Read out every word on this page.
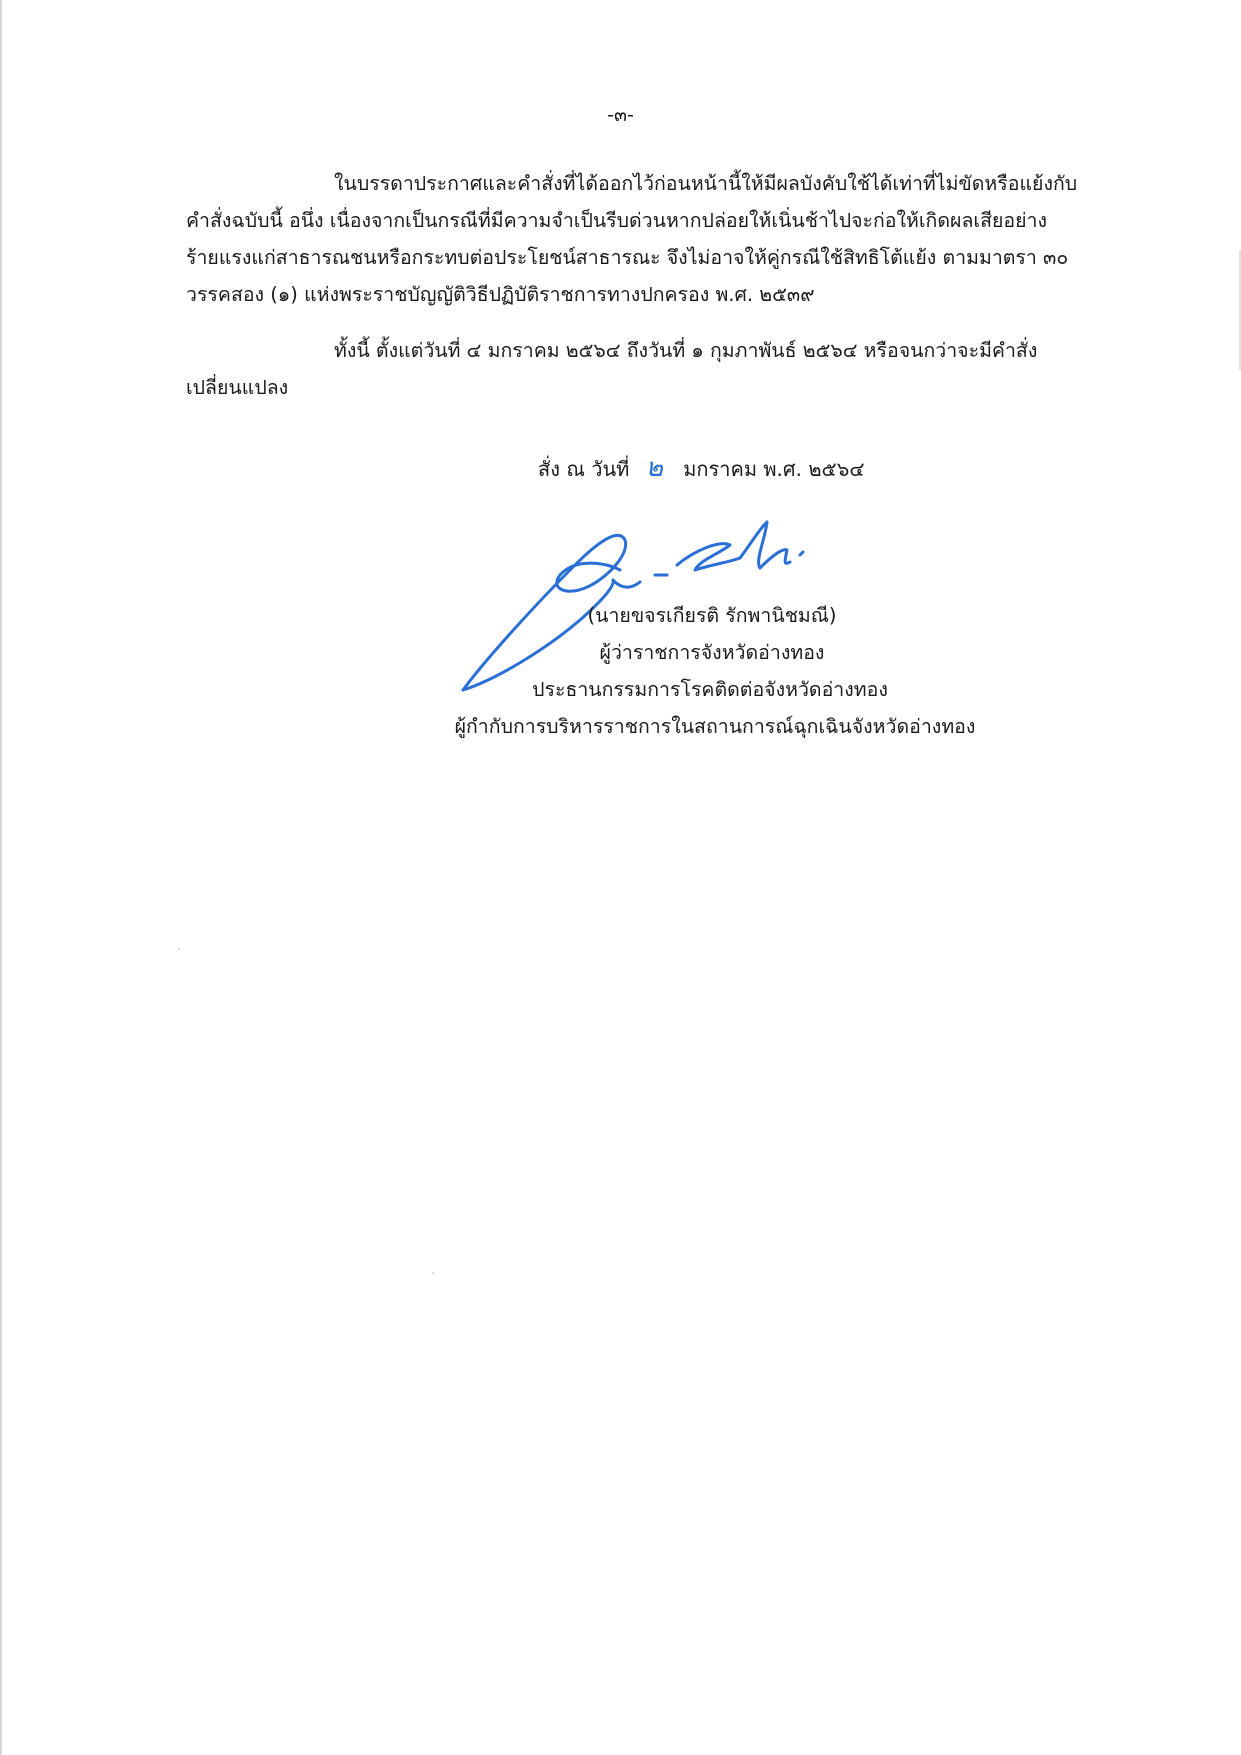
-๓-
ในบรรดาประกาศและคำสั่งที่ได้ออกไว้ก่อนหน้านี้ให้มีผลบังคับใช้ได้เท่าที่ไม่ขัดหรือแย้งกับ
คำสั่งฉบับนี้ อนึ่ง เนื่องจากเป็นกรณีที่มีความจำเป็นรีบด่วนหากปล่อยให้เนิ่นช้าไปจะก่อให้เกิดผลเสียอย่าง
ร้ายแรงแก่สาธารณชนหรือกระทบต่อประโยชน์สาธารณะ จึงไม่อาจให้คู่กรณีใช้สิทธิโต้แย้ง ตามมาตรา ๓๐
วรรคสอง (๑) แห่งพระราชบัญญัติวิธีปฏิบัติราชการทางปกครอง พ.ศ. ๒๕๓๙
ทั้งนี้ ตั้งแต่วันที่ ๔ มกราคม ๒๕๖๔ ถึงวันที่ ๑ กุมภาพันธ์ ๒๕๖๔ หรือจนกว่าจะมีคำสั่ง
เปลี่ยนแปลง
สั่ง ณ วันที่ ๒ มกราคม พ.ศ. ๒๕๖๔
(นายขจรเกียรติ รักพานิชมณี)
ผู้ว่าราชการจังหวัดอ่างทอง
ประธานกรรมการโรคติดต่อจังหวัดอ่างทอง
ผู้กำกับการบริหารราชการในสถานการณ์ฉุกเฉินจังหวัดอ่างทอง
